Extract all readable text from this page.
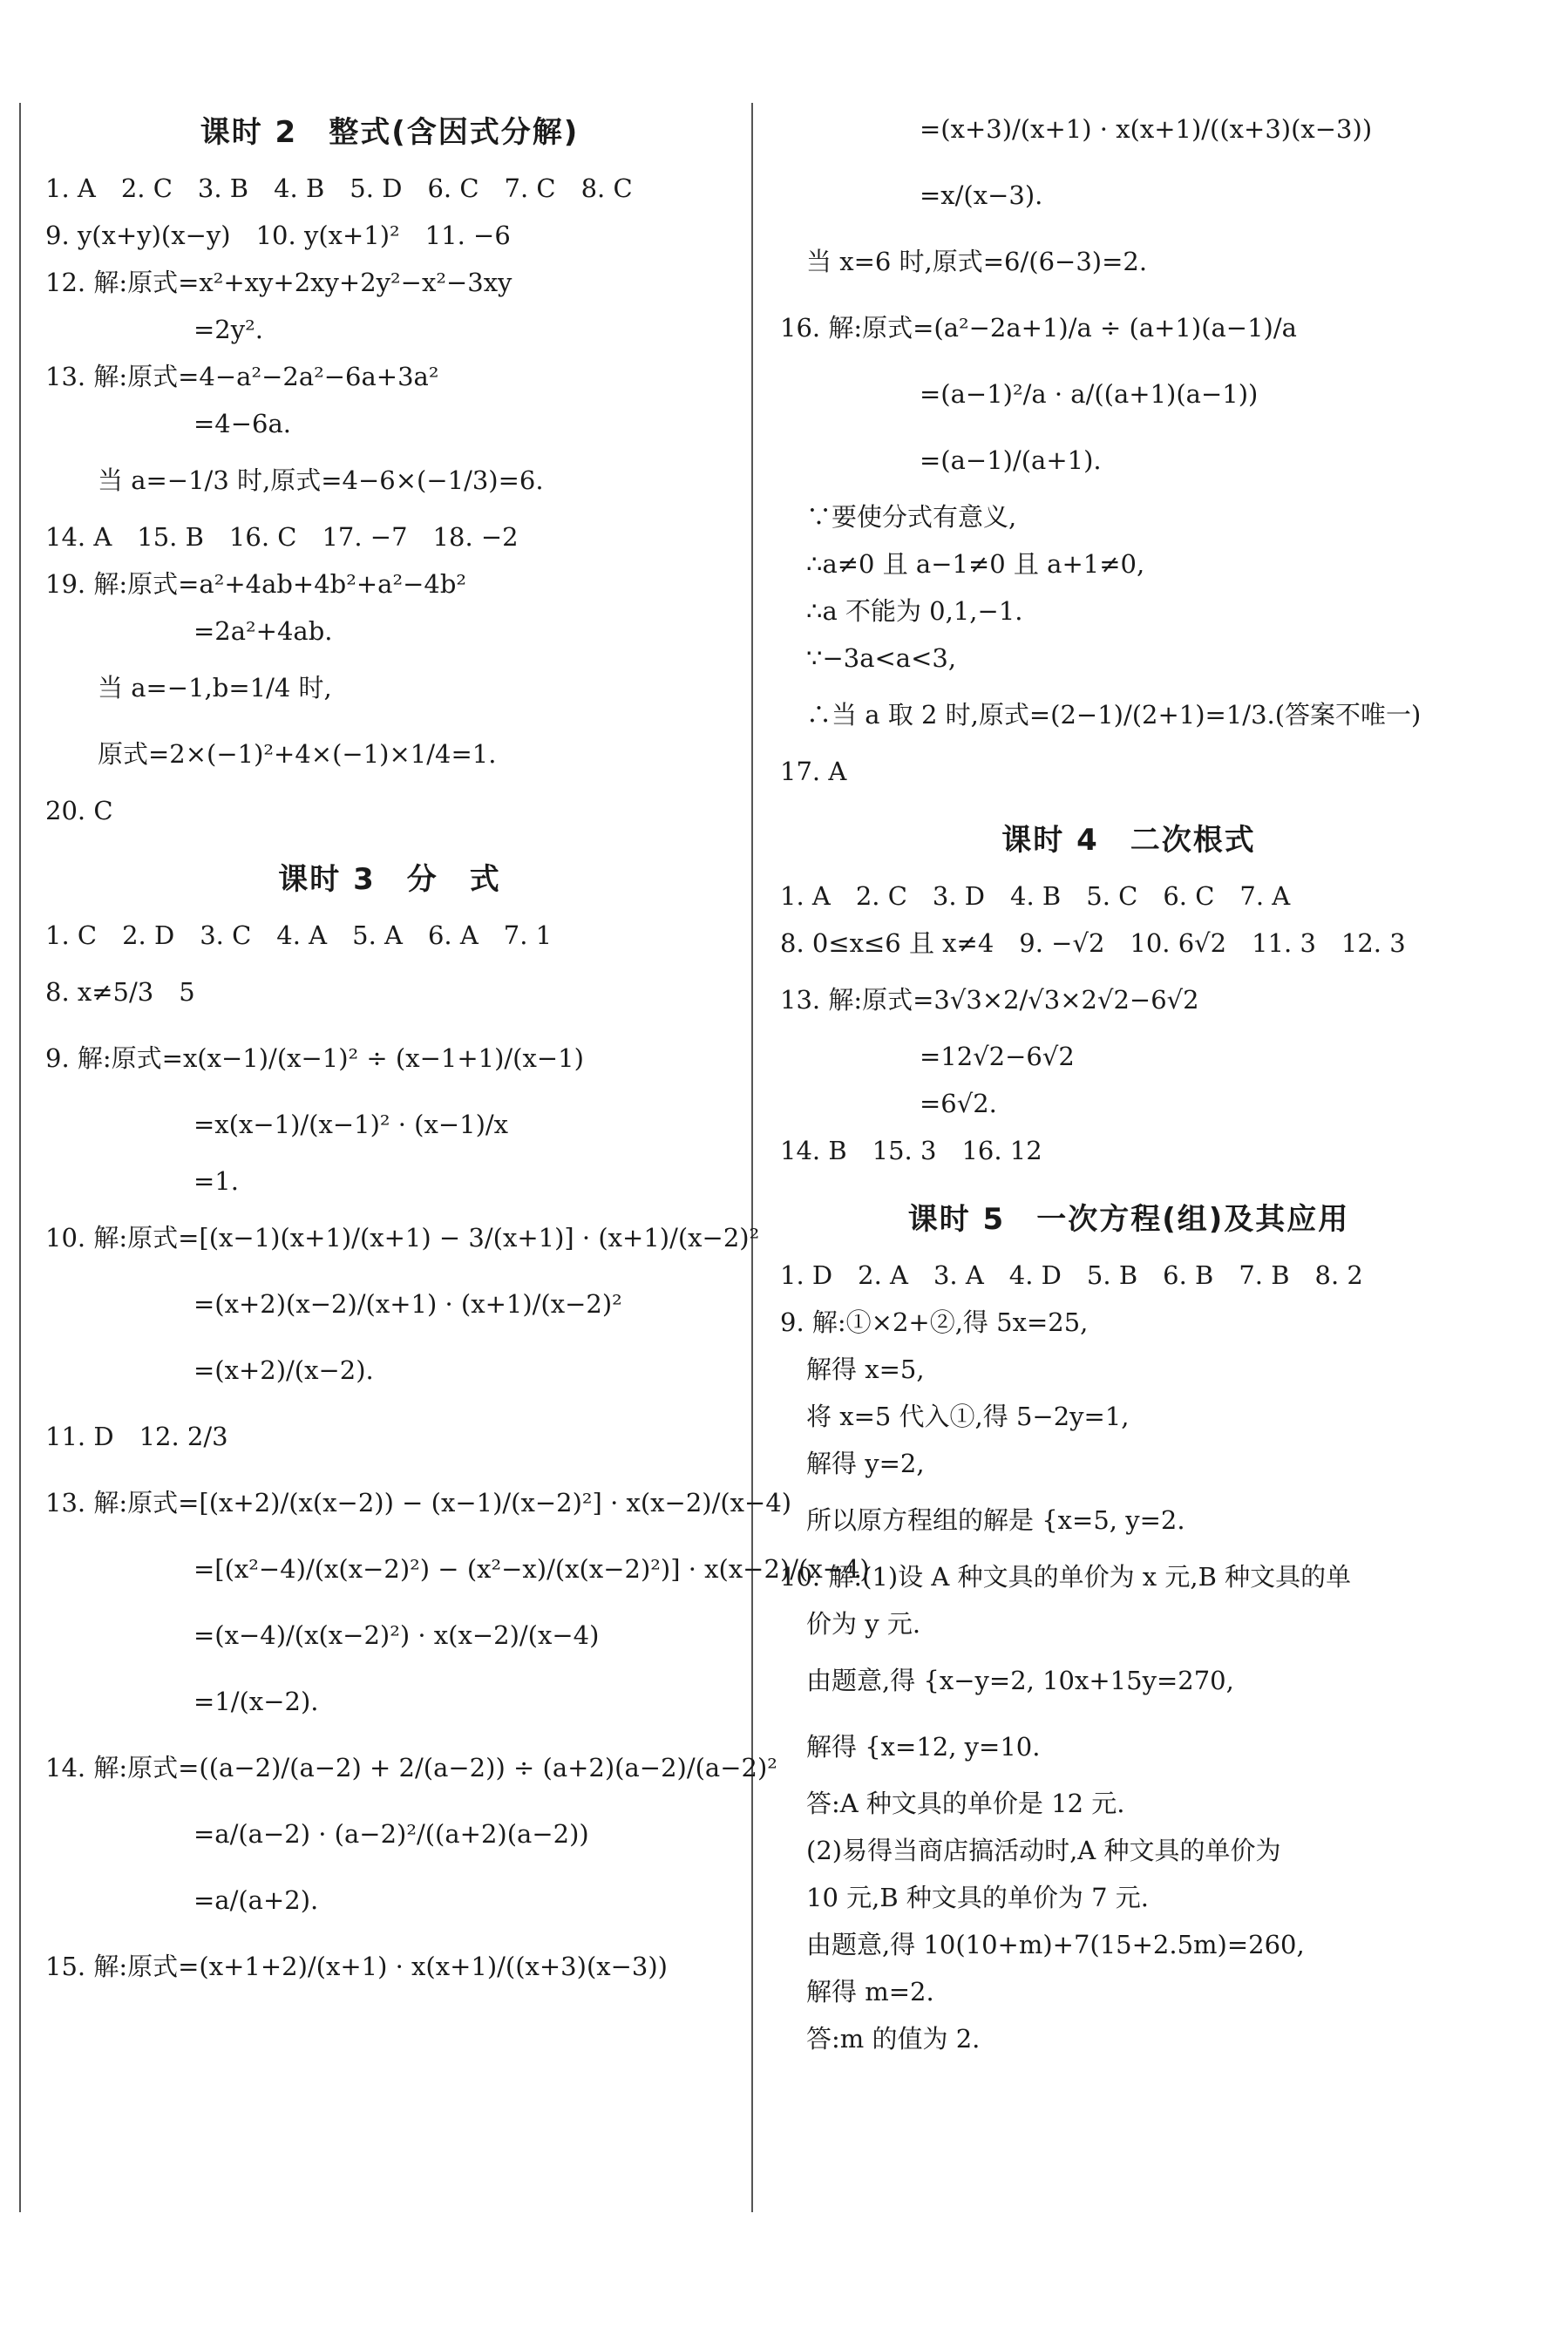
课时 2　整式(含因式分解)

1. A　2. C　3. B　4. B　5. D　6. C　7. C　8. C

9. y(x+y)(x−y)　10. y(x+1)²　11. −6

12. 解:原式=x²+xy+2xy+2y²−x²−3xy

=2y².

13. 解:原式=4−a²−2a²−6a+3a²

=4−6a.

当 a=−1/3 时,原式=4−6×(−1/3)=6.

14. A　15. B　16. C　17. −7　18. −2

19. 解:原式=a²+4ab+4b²+a²−4b²

=2a²+4ab.

当 a=−1,b=1/4 时,

原式=2×(−1)²+4×(−1)×1/4=1.

20. C

课时 3　分　式

1. C　2. D　3. C　4. A　5. A　6. A　7. 1

8. x≠5/3　5

9. 解:原式=x(x−1)/(x−1)² ÷ (x−1+1)/(x−1)

=x(x−1)/(x−1)² · (x−1)/x

=1.

10. 解:原式=[(x−1)(x+1)/(x+1) − 3/(x+1)] · (x+1)/(x−2)²

=(x+2)(x−2)/(x+1) · (x+1)/(x−2)²

=(x+2)/(x−2).

11. D　12. 2/3

13. 解:原式=[(x+2)/(x(x−2)) − (x−1)/(x−2)²] · x(x−2)/(x−4)

=[(x²−4)/(x(x−2)²) − (x²−x)/(x(x−2)²)] · x(x−2)/(x−4)

=(x−4)/(x(x−2)²) · x(x−2)/(x−4)

=1/(x−2).

14. 解:原式=((a−2)/(a−2) + 2/(a−2)) ÷ (a+2)(a−2)/(a−2)²

=a/(a−2) · (a−2)²/((a+2)(a−2))

=a/(a+2).

15. 解:原式=(x+1+2)/(x+1) · x(x+1)/((x+3)(x−3))

=(x+3)/(x+1) · x(x+1)/((x+3)(x−3))

=x/(x−3).

当 x=6 时,原式=6/(6−3)=2.

16. 解:原式=(a²−2a+1)/a ÷ (a+1)(a−1)/a

=(a−1)²/a · a/((a+1)(a−1))

=(a−1)/(a+1).

∵要使分式有意义,

∴a≠0 且 a−1≠0 且 a+1≠0,

∴a 不能为 0,1,−1.

∵−3a<a<3,

∴当 a 取 2 时,原式=(2−1)/(2+1)=1/3.(答案不唯一)

17. A

课时 4　二次根式

1. A　2. C　3. D　4. B　5. C　6. C　7. A

8. 0≤x≤6 且 x≠4　9. −√2　10. 6√2　11. 3　12. 3

13. 解:原式=3√3×2/√3×2√2−6√2

=12√2−6√2

=6√2.

14. B　15. 3　16. 12

课时 5　一次方程(组)及其应用

1. D　2. A　3. A　4. D　5. B　6. B　7. B　8. 2

9. 解:①×2+②,得 5x=25,

解得 x=5,

将 x=5 代入①,得 5−2y=1,

解得 y=2,

所以原方程组的解是 {x=5, y=2.

10. 解:(1)设 A 种文具的单价为 x 元,B 种文具的单

价为 y 元.

由题意,得 {x−y=2, 10x+15y=270,

解得 {x=12, y=10.

答:A 种文具的单价是 12 元.

(2)易得当商店搞活动时,A 种文具的单价为

10 元,B 种文具的单价为 7 元.

由题意,得 10(10+m)+7(15+2.5m)=260,

解得 m=2.

答:m 的值为 2.
